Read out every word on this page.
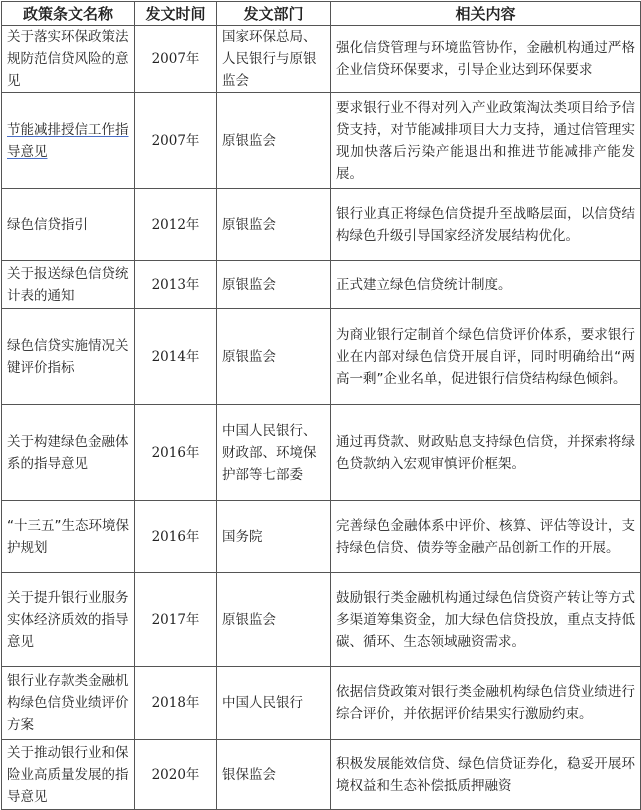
政策条文名称	发文时间	发文部门	相关内容
关于落实环保政策法规防范信贷风险的意见	2007年	国家环保总局、人民银行与原银监会	强化信贷管理与环境监管协作，金融机构通过严格企业信贷环保要求，引导企业达到环保要求
节能减排授信工作指导意见	2007年	原银监会	要求银行业不得对列入产业政策淘汰类项目给予信贷支持，对节能减排项目大力支持，通过信管理实现加快落后污染产能退出和推进节能减排产能发展。
绿色信贷指引	2012年	原银监会	银行业真正将绿色信贷提升至战略层面，以信贷结构绿色升级引导国家经济发展结构优化。
关于报送绿色信贷统计表的通知	2013年	原银监会	正式建立绿色信贷统计制度。
绿色信贷实施情况关键评价指标	2014年	原银监会	为商业银行定制首个绿色信贷评价体系，要求银行业在内部对绿色信贷开展自评，同时明确给出“两高一剩”企业名单，促进银行信贷结构绿色倾斜。
关于构建绿色金融体系的指导意见	2016年	中国人民银行、财政部、环境保护部等七部委	通过再贷款、财政贴息支持绿色信贷，并探索将绿色贷款纳入宏观审慎评价框架。
“十三五”生态环境保护规划	2016年	国务院	完善绿色金融体系中评价、核算、评估等设计，支持绿色信贷、债券等金融产品创新工作的开展。
关于提升银行业服务实体经济质效的指导意见	2017年	原银监会	鼓励银行类金融机构通过绿色信贷资产转让等方式多渠道筹集资金，加大绿色信贷投放，重点支持低碳、循环、生态领域融资需求。
银行业存款类金融机构绿色信贷业绩评价方案	2018年	中国人民银行	依据信贷政策对银行类金融机构绿色信贷业绩进行综合评价，并依据评价结果实行激励约束。
关于推动银行业和保险业高质量发展的指导意见	2020年	银保监会	积极发展能效信贷、绿色信贷证券化，稳妥开展环境权益和生态补偿抵质押融资
